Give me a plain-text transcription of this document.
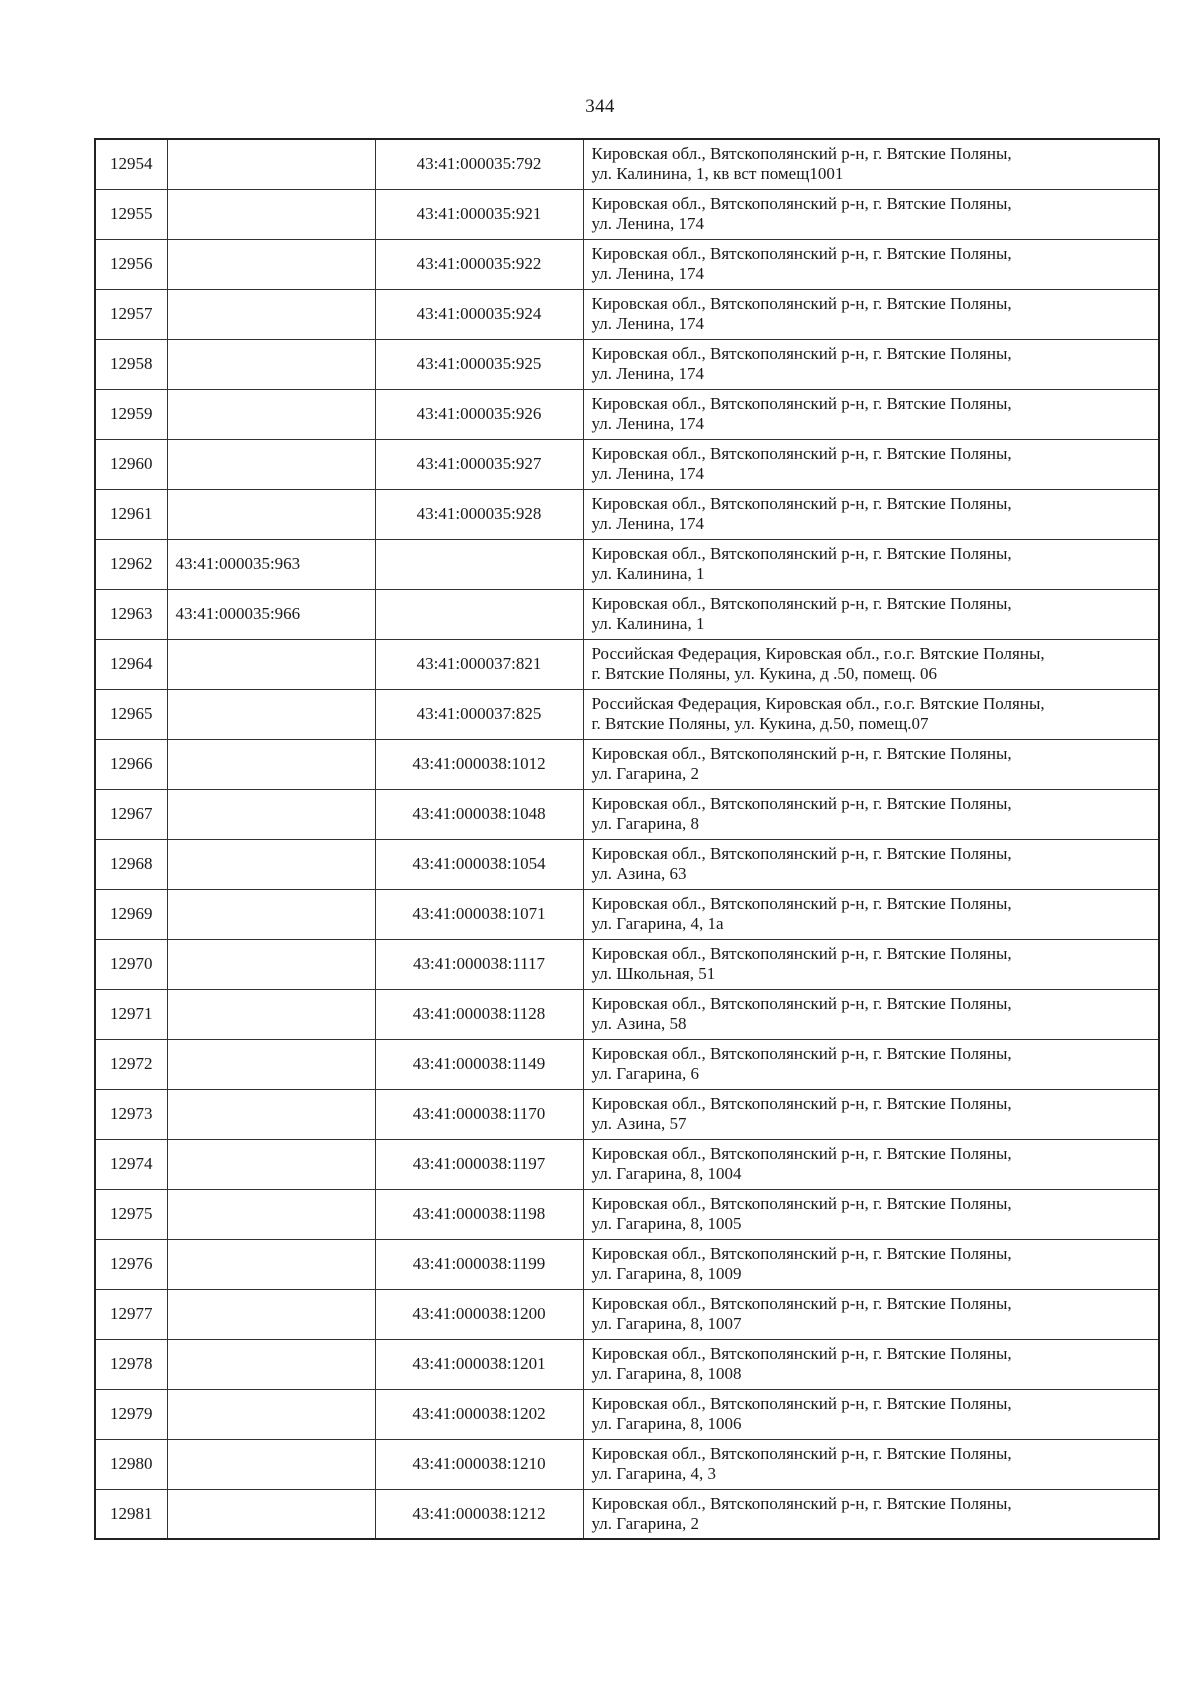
344
12954		43:41:000035:792	Кировская обл., Вятскополянский р-н, г. Вятские Поляны,
ул. Калинина, 1, кв вст помещ1001

12955		43:41:000035:921	Кировская обл., Вятскополянский р-н, г. Вятские Поляны,
ул. Ленина, 174

12956		43:41:000035:922	Кировская обл., Вятскополянский р-н, г. Вятские Поляны,
ул. Ленина, 174

12957		43:41:000035:924	Кировская обл., Вятскополянский р-н, г. Вятские Поляны,
ул. Ленина, 174

12958		43:41:000035:925	Кировская обл., Вятскополянский р-н, г. Вятские Поляны,
ул. Ленина, 174

12959		43:41:000035:926	Кировская обл., Вятскополянский р-н, г. Вятские Поляны,
ул. Ленина, 174

12960		43:41:000035:927	Кировская обл., Вятскополянский р-н, г. Вятские Поляны,
ул. Ленина, 174

12961		43:41:000035:928	Кировская обл., Вятскополянский р-н, г. Вятские Поляны,
ул. Ленина, 174

12962	43:41:000035:963		Кировская обл., Вятскополянский р-н, г. Вятские Поляны,
ул. Калинина, 1

12963	43:41:000035:966		Кировская обл., Вятскополянский р-н, г. Вятские Поляны,
ул. Калинина, 1

12964		43:41:000037:821	Российская Федерация, Кировская обл., г.о.г. Вятские Поляны,
г. Вятские Поляны, ул. Кукина, д .50, помещ. 06

12965		43:41:000037:825	Российская Федерация, Кировская обл., г.о.г. Вятские Поляны,
г. Вятские Поляны, ул. Кукина, д.50, помещ.07

12966		43:41:000038:1012	Кировская обл., Вятскополянский р-н, г. Вятские Поляны,
ул. Гагарина, 2

12967		43:41:000038:1048	Кировская обл., Вятскополянский р-н, г. Вятские Поляны,
ул. Гагарина, 8

12968		43:41:000038:1054	Кировская обл., Вятскополянский р-н, г. Вятские Поляны,
ул. Азина, 63

12969		43:41:000038:1071	Кировская обл., Вятскополянский р-н, г. Вятские Поляны,
ул. Гагарина, 4, 1а

12970		43:41:000038:1117	Кировская обл., Вятскополянский р-н, г. Вятские Поляны,
ул. Школьная, 51

12971		43:41:000038:1128	Кировская обл., Вятскополянский р-н, г. Вятские Поляны,
ул. Азина, 58

12972		43:41:000038:1149	Кировская обл., Вятскополянский р-н, г. Вятские Поляны,
ул. Гагарина, 6

12973		43:41:000038:1170	Кировская обл., Вятскополянский р-н, г. Вятские Поляны,
ул. Азина, 57

12974		43:41:000038:1197	Кировская обл., Вятскополянский р-н, г. Вятские Поляны,
ул. Гагарина, 8, 1004

12975		43:41:000038:1198	Кировская обл., Вятскополянский р-н, г. Вятские Поляны,
ул. Гагарина, 8, 1005

12976		43:41:000038:1199	Кировская обл., Вятскополянский р-н, г. Вятские Поляны,
ул. Гагарина, 8, 1009

12977		43:41:000038:1200	Кировская обл., Вятскополянский р-н, г. Вятские Поляны,
ул. Гагарина, 8, 1007

12978		43:41:000038:1201	Кировская обл., Вятскополянский р-н, г. Вятские Поляны,
ул. Гагарина, 8, 1008

12979		43:41:000038:1202	Кировская обл., Вятскополянский р-н, г. Вятские Поляны,
ул. Гагарина, 8, 1006

12980		43:41:000038:1210	Кировская обл., Вятскополянский р-н, г. Вятские Поляны,
ул. Гагарина, 4, 3

12981		43:41:000038:1212	Кировская обл., Вятскополянский р-н, г. Вятские Поляны,
ул. Гагарина, 2
